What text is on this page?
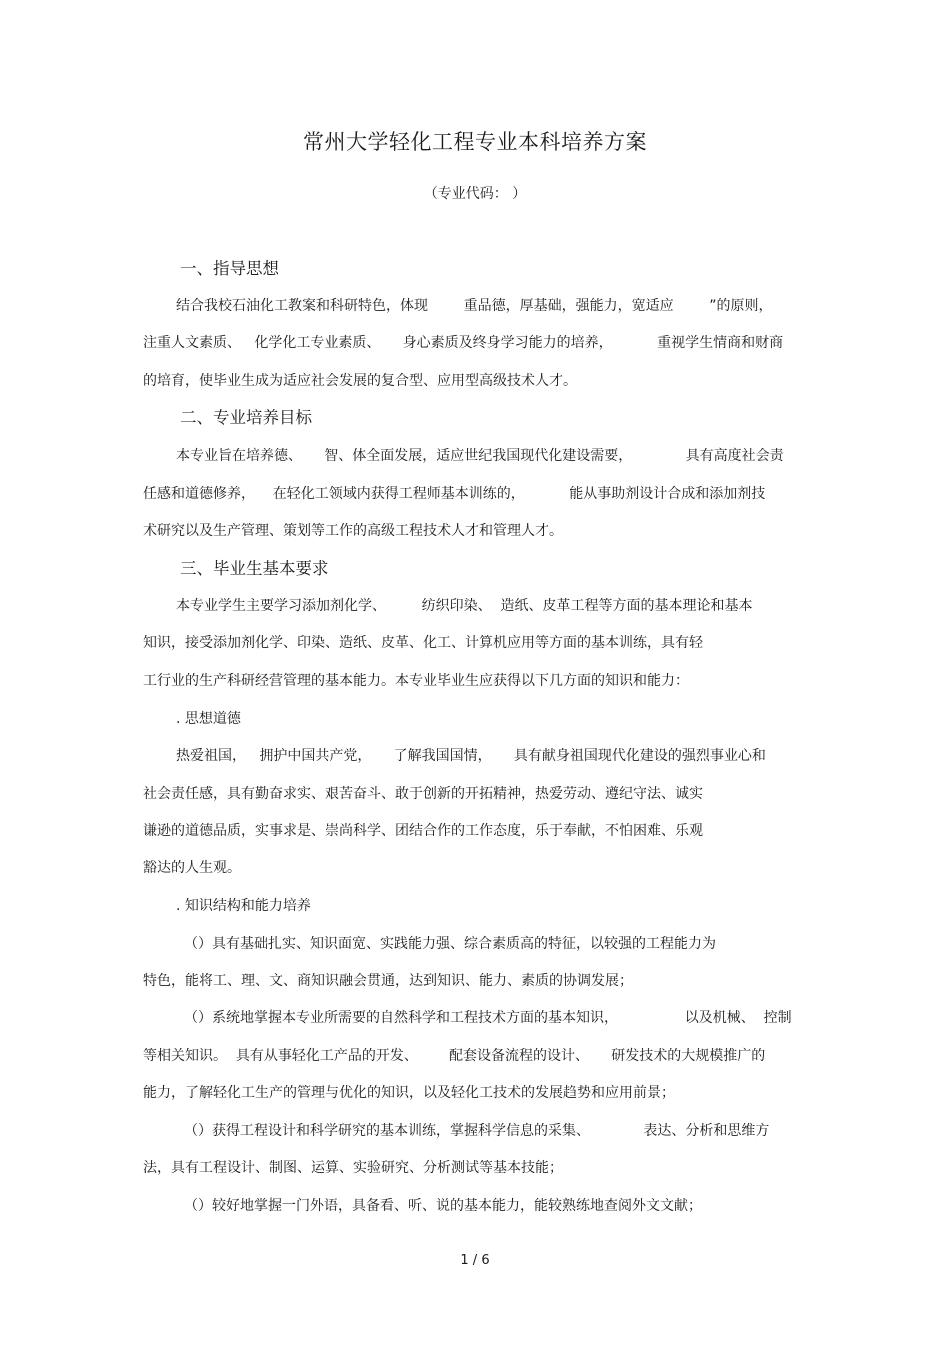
常州大学轻化工程专业本科培养方案
（专业代码： ）
一、指导思想
结合我校石油化工教案和科研特色，体现        重品德，厚基础，强能力，宽适应        ”的原则，
注重人文素质、   化学化工专业素质、     身心素质及终身学习能力的培养，          重视学生情商和财商
的培育，使毕业生成为适应社会发展的复合型、应用型高级技术人才。
二、专业培养目标
本专业旨在培养德、     智、体全面发展，适应世纪我国现代化建设需要，            具有高度社会责
任感和道德修养，    在轻化工领域内获得工程师基本训练的，          能从事助剂设计合成和添加剂技
术研究以及生产管理、策划等工作的高级工程技术人才和管理人才。
三、毕业生基本要求
本专业学生主要学习添加剂化学、        纺织印染、  造纸、皮革工程等方面的基本理论和基本
知识，接受添加剂化学、印染、造纸、皮革、化工、计算机应用等方面的基本训练，具有轻
工行业的生产科研经营管理的基本能力。本专业毕业生应获得以下几方面的知识和能力：
. 思想道德
热爱祖国，   拥护中国共产党，     了解我国国情，     具有献身祖国现代化建设的强烈事业心和
社会责任感，具有勤奋求实、艰苦奋斗、敢于创新的开拓精神，热爱劳动、遵纪守法、诚实
谦逊的道德品质，实事求是、崇尚科学、团结合作的工作态度，乐于奉献，不怕困难、乐观
豁达的人生观。
. 知识结构和能力培养
（）具有基础扎实、知识面宽、实践能力强、综合素质高的特征，以较强的工程能力为
特色，能将工、理、文、商知识融会贯通，达到知识、能力、素质的协调发展；
（）系统地掌握本专业所需要的自然科学和工程技术方面的基本知识，               以及机械、  控制
等相关知识。  具有从事轻化工产品的开发、       配套设备流程的设计、     研发技术的大规模推广的
能力，了解轻化工生产的管理与优化的知识，以及轻化工技术的发展趋势和应用前景；
（）获得工程设计和科学研究的基本训练，掌握科学信息的采集、            表达、分析和思维方
法，具有工程设计、制图、运算、实验研究、分析测试等基本技能；
（）较好地掌握一门外语，具备看、听、说的基本能力，能较熟练地查阅外文文献；
1 / 6
